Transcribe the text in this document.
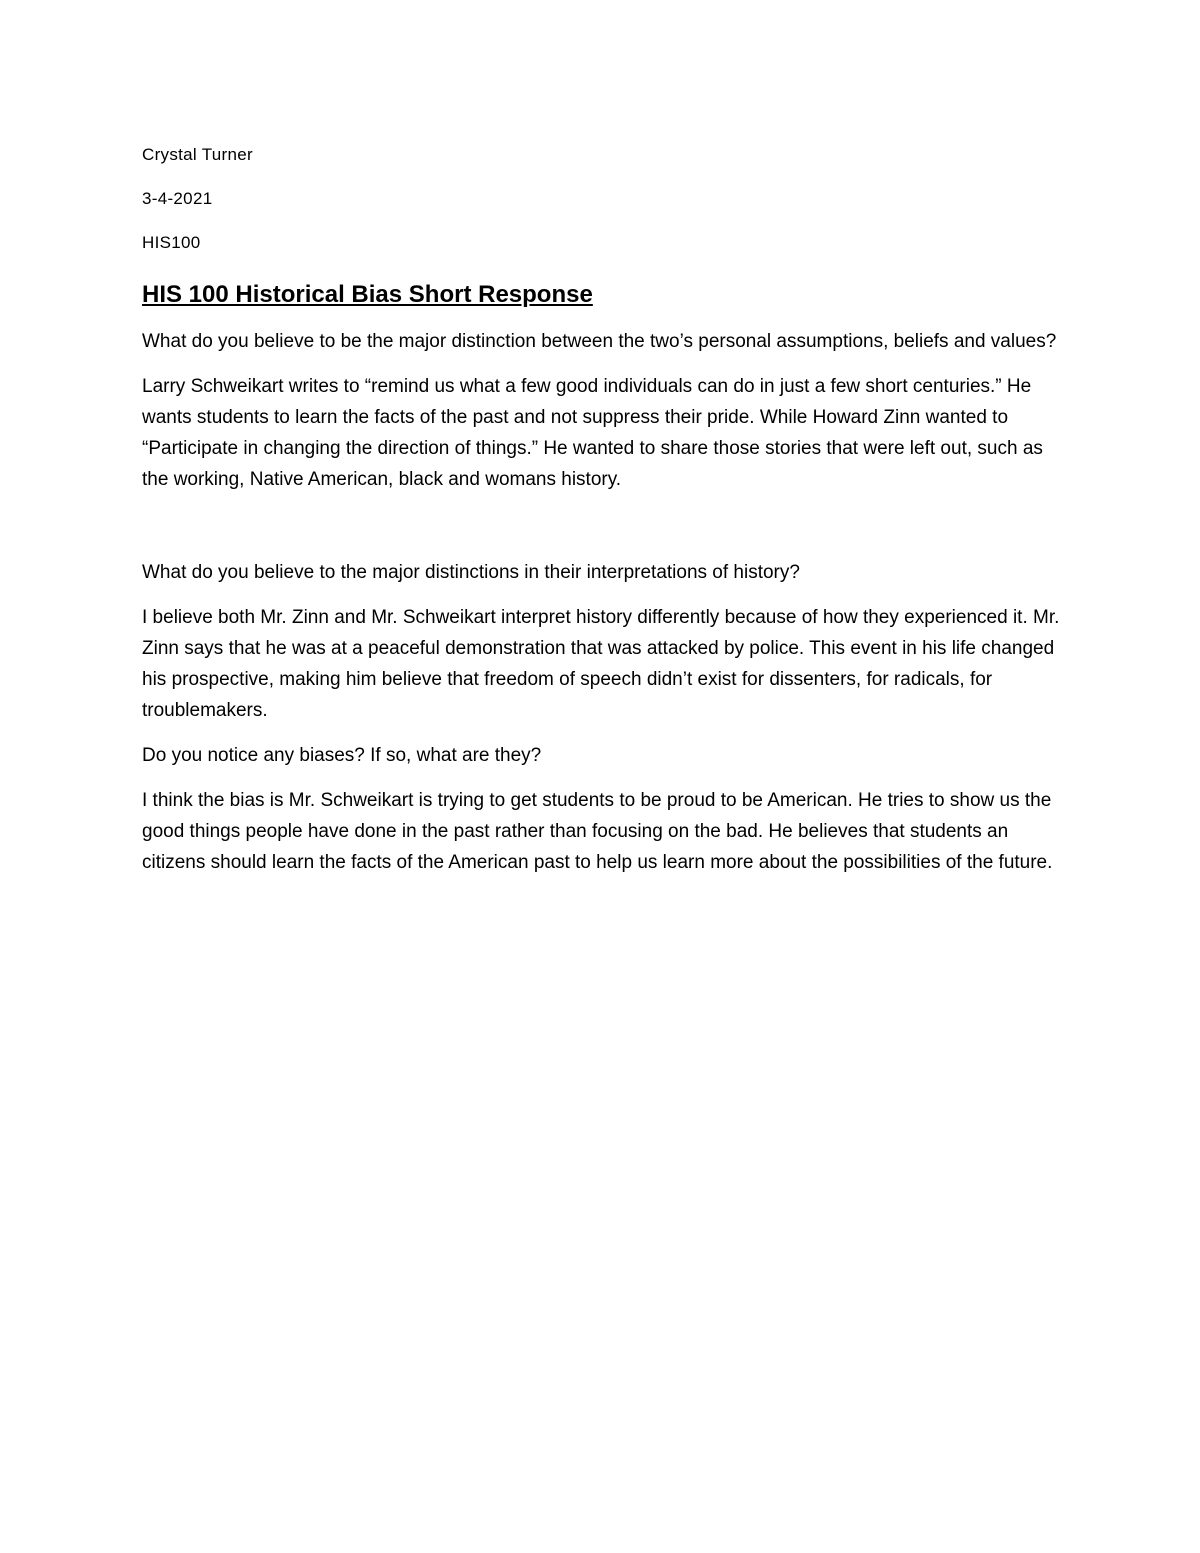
Crystal Turner

3-4-2021

HIS100

HIS 100 Historical Bias Short Response

What do you believe to be the major distinction between the two’s personal assumptions, beliefs and values?

Larry Schweikart writes to “remind us what a few good individuals can do in just a few short centuries.” He wants students to learn the facts of the past and not suppress their pride. While Howard Zinn wanted to “Participate in changing the direction of things.” He wanted to share those stories that were left out, such as the working, Native American, black and womans history.

What do you believe to the major distinctions in their interpretations of history?

I believe both Mr. Zinn and Mr. Schweikart interpret history differently because of how they experienced it. Mr. Zinn says that he was at a peaceful demonstration that was attacked by police. This event in his life changed his prospective, making him believe that freedom of speech didn’t exist for dissenters, for radicals, for troublemakers.

Do you notice any biases? If so, what are they?

I think the bias is Mr. Schweikart is trying to get students to be proud to be American. He tries to show us the good things people have done in the past rather than focusing on the bad. He believes that students an citizens should learn the facts of the American past to help us learn more about the possibilities of the future.
